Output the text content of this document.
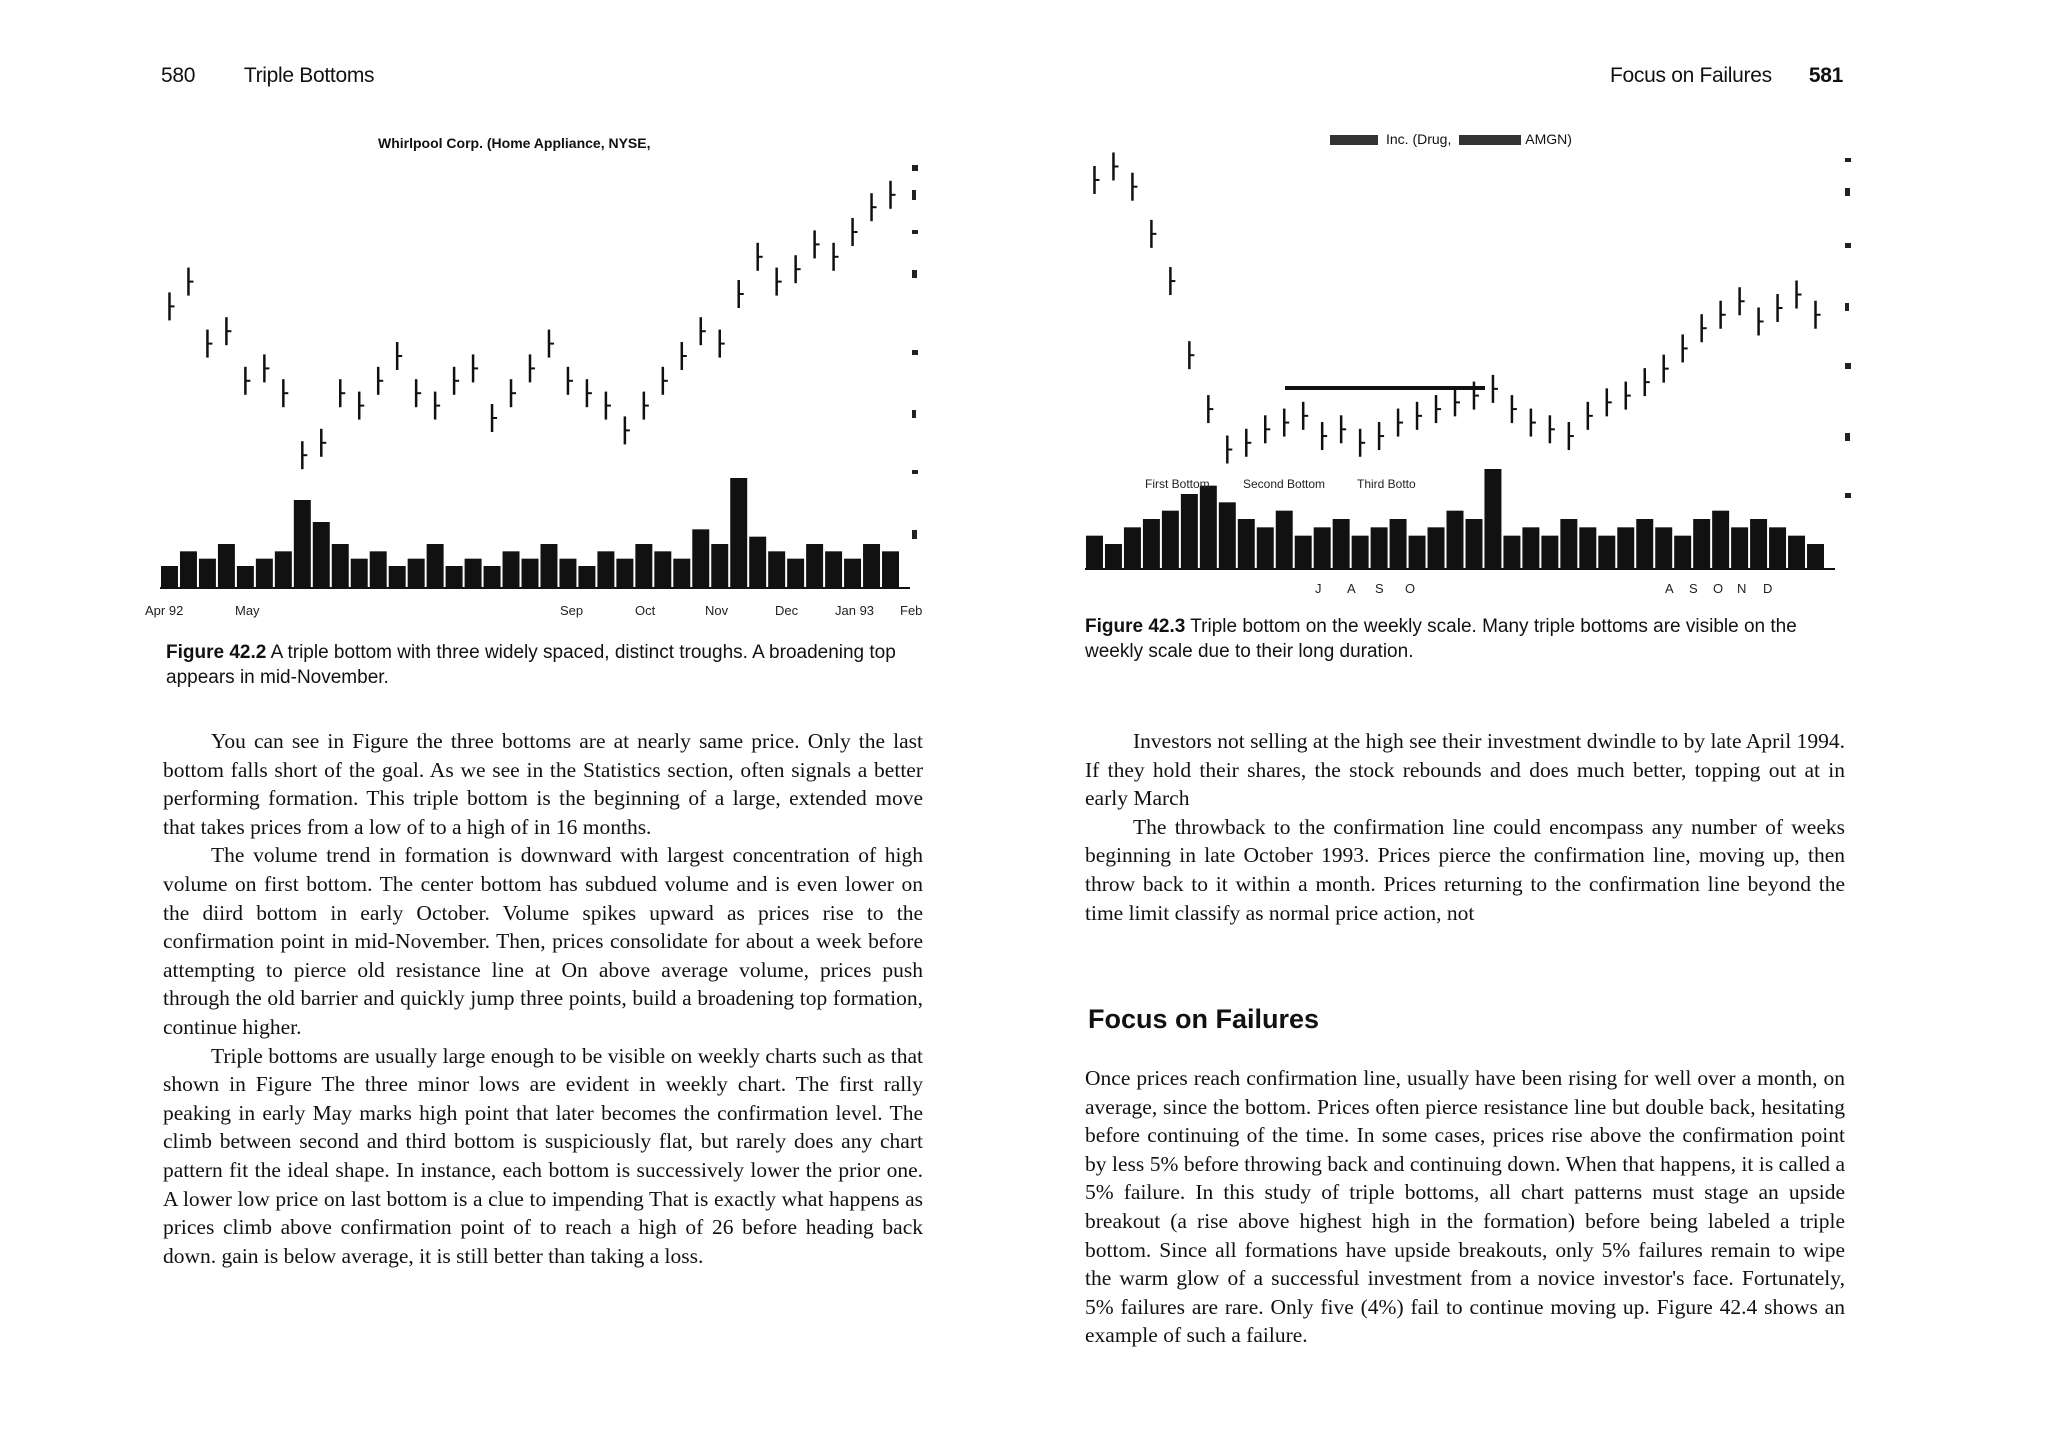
580 Triple Bottoms
Whirlpool Corp. (Home Appliance, NYSE,
Apr 92	May	Sep	Oct	Nov	Dec	Jan 93 Feb
Figure 42.2 A triple bottom with three widely spaced, distinct troughs. A broadening top appears in mid-November.

You can see in Figure the three bottoms are at nearly same price. Only the last bottom falls short of the goal. As we see in the Statistics section, often signals a better performing formation. This triple bottom is the beginning of a large, extended move that takes prices from a low of to a high of in 16 months.

The volume trend in formation is downward with largest concentration of high volume on first bottom. The center bottom has subdued volume and is even lower on the diird bottom in early October. Volume spikes upward as prices rise to the confirmation point in mid-November. Then, prices consolidate for about a week before attempting to pierce old resistance line at On above average volume, prices push through the old barrier and quickly jump three points, build a broadening top formation, continue higher.

Triple bottoms are usually large enough to be visible on weekly charts such as that shown in Figure The three minor lows are evident in weekly chart. The first rally peaking in early May marks high point that later becomes the confirmation level. The climb between second and third bottom is suspiciously flat, but rarely does any chart pattern fit the ideal shape. In instance, each bottom is successively lower the prior one. A lower low price on last bottom is a clue to impending That is exactly what happens as prices climb above confirmation point of to reach a high of 26 before heading back down. gain is below average, it is still better than taking a loss.

Focus on Failures 581
Inc. (Drug,	AMGN)
First Bottom	Second Bottom	Third Botto
J A S O	A S O N D
Figure 42.3 Triple bottom on the weekly scale. Many triple bottoms are visible on the weekly scale due to their long duration.

Investors not selling at the high see their investment dwindle to by late April 1994. If they hold their shares, the stock rebounds and does much better, topping out at in early March

The throwback to the confirmation line could encompass any number of weeks beginning in late October 1993. Prices pierce the confirmation line, moving up, then throw back to it within a month. Prices returning to the confirmation line beyond the time limit classify as normal price action, not

Focus on Failures

Once prices reach confirmation line, usually have been rising for well over a month, on average, since the bottom. Prices often pierce resistance line but double back, hesitating before continuing of the time. In some cases, prices rise above the confirmation point by less 5% before throwing back and continuing down. When that happens, it is called a 5% failure. In this study of triple bottoms, all chart patterns must stage an upside breakout (a rise above highest high in the formation) before being labeled a triple bottom. Since all formations have upside breakouts, only 5% failures remain to wipe the warm glow of a successful investment from a novice investor's face. Fortunately, 5% failures are rare. Only five (4%) fail to continue moving up. Figure 42.4 shows an example of such a failure.
